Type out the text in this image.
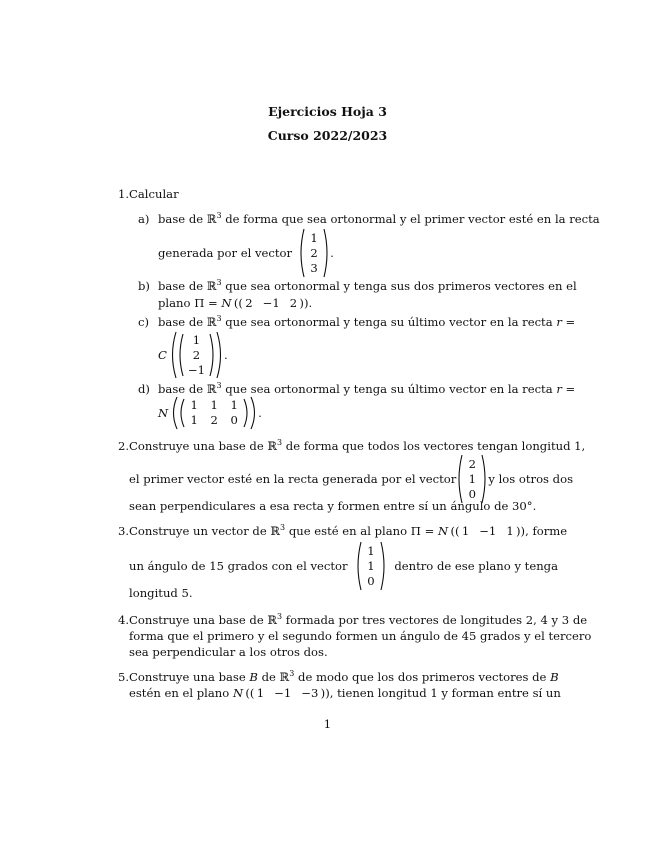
Ejercicios Hoja 3
Curso 2022/2023
1. Calcular
a) base de ℝ$^3$ de forma que sea ortonormal y el primer vector esté en la recta
generada por el vector
1
2
3
.
b) base de ℝ$^3$ que sea ortonormal y tenga sus dos primeros vectores en el
plano Π = N ((  2 −1 2  )).
c) base de ℝ$^3$ que sea ortonormal y tenga su último vector en la recta r =
C
1
2
−1
.
d) base de ℝ$^3$ que sea ortonormal y tenga su último vector en la recta r =
N
1 1 1
1 2 0 .
2. Construye una base de ℝ$^3$ de forma que todos los vectores tengan longitud 1,
el primer vector esté en la recta generada por el vector
2
1
0
y los otros dos
sean perpendiculares a esa recta y formen entre sí un ángulo de 30°.
3. Construye un vector de ℝ$^3$ que esté en al plano Π = N ((  1 −1 1  )), forme
un ángulo de 15 grados con el vector
1
1
0
dentro de ese plano y tenga
longitud 5.
4. Construye una base de ℝ$^3$ formada por tres vectores de longitudes 2, 4 y 3 de
forma que el primero y el segundo formen un ángulo de 45 grados y el tercero
sea perpendicular a los otros dos.
5. Construye una base B de ℝ$^3$ de modo que los dos primeros vectores de B
estén en el plano N ((  1 −1 −3  )), tienen longitud 1 y forman entre sí un
1
